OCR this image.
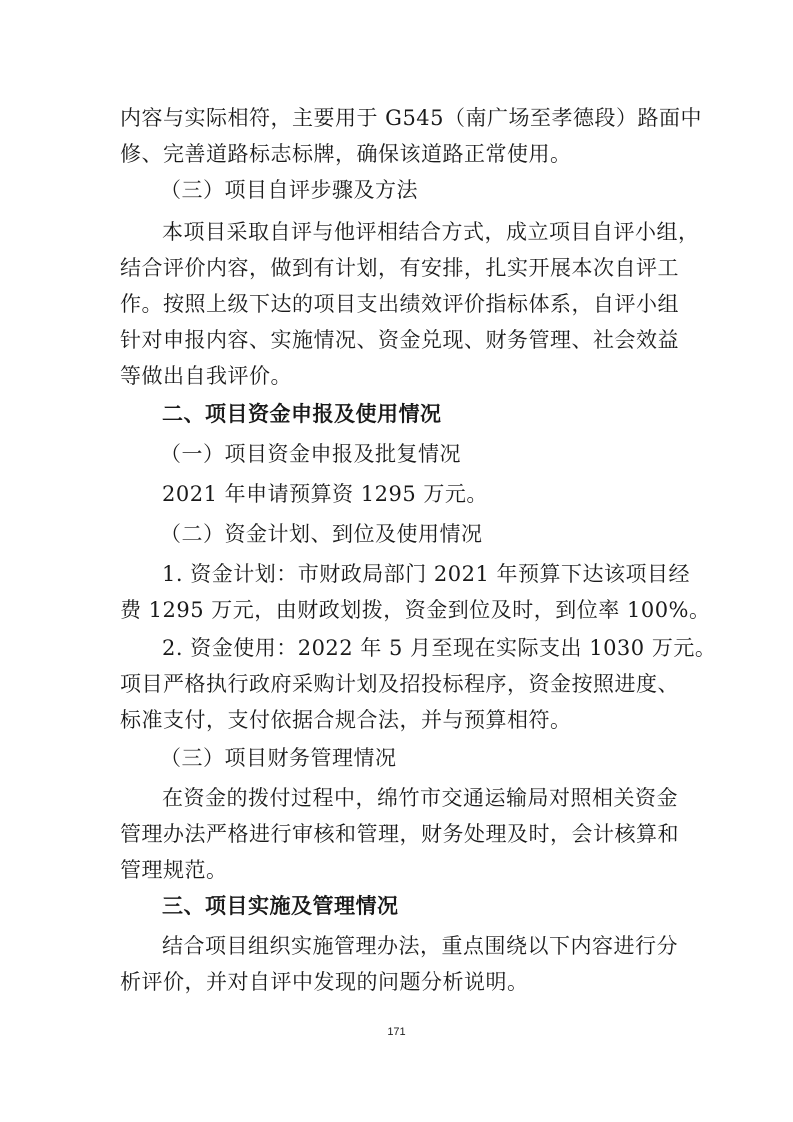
内容与实际相符，主要用于 G545（南广场至孝德段）路面中
修、完善道路标志标牌，确保该道路正常使用。
（三）项目自评步骤及方法
本项目采取自评与他评相结合方式，成立项目自评小组，
结合评价内容，做到有计划，有安排，扎实开展本次自评工
作。按照上级下达的项目支出绩效评价指标体系，自评小组
针对申报内容、实施情况、资金兑现、财务管理、社会效益
等做出自我评价。
二、项目资金申报及使用情况
（一）项目资金申报及批复情况
2021 年申请预算资 1295 万元。
（二）资金计划、到位及使用情况
1. 资金计划：市财政局部门 2021 年预算下达该项目经
费 1295 万元，由财政划拨，资金到位及时，到位率 100%。
2. 资金使用：2022 年 5 月至现在实际支出 1030 万元。
项目严格执行政府采购计划及招投标程序，资金按照进度、
标准支付，支付依据合规合法，并与预算相符。
（三）项目财务管理情况
在资金的拨付过程中，绵竹市交通运输局对照相关资金
管理办法严格进行审核和管理，财务处理及时，会计核算和
管理规范。
三、项目实施及管理情况
结合项目组织实施管理办法，重点围绕以下内容进行分
析评价，并对自评中发现的问题分析说明。
171
